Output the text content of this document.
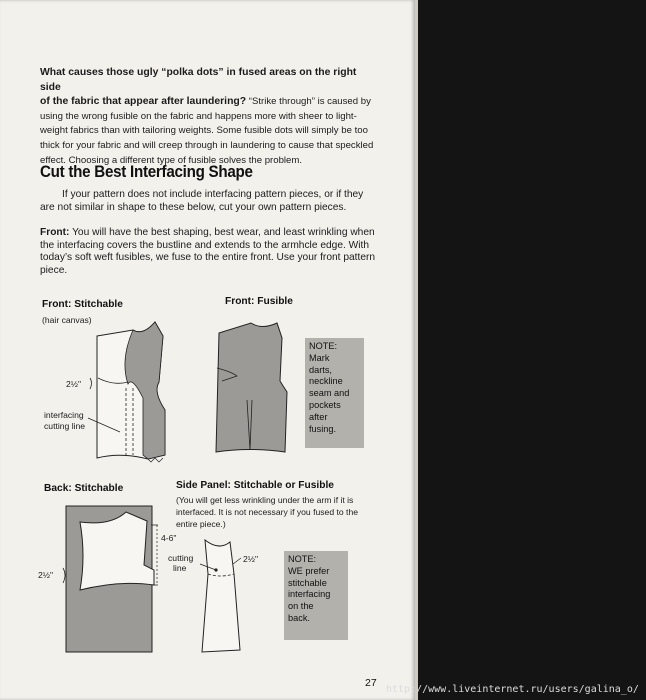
What causes those ugly “polka dots” in fused areas on the right side
of the fabric that appear after laundering? “Strike through” is caused by using the wrong fusible on the fabric and happens more with sheer to light-weight fabrics than with tailoring weights. Some fusible dots will simply be too thick for your fabric and will creep through in laundering to cause that speckled effect. Choosing a different type of fusible solves the problem.
Cut the Best Interfacing Shape
If your pattern does not include interfacing pattern pieces, or if they are not similar in shape to these below, cut your own pattern pieces.
Front: You will have the best shaping, best wear, and least wrinkling when the interfacing covers the bustline and extends to the armhcle edge. With today’s soft weft fusibles, we fuse to the entire front. Use your front pattern piece.
Front: Stitchable
(hair canvas)
2½"
interfacing
cutting line
Front: Fusible
NOTE:
Mark
darts,
neckline
seam and
pockets
after
fusing.
Back: Stitchable
2½"
4-6"
cutting
line
Side Panel: Stitchable or Fusible
(You will get less wrinkling under the arm if it is
interfaced. It is not necessary if you fused to the
entire piece.)
2½"	NOTE:
WE prefer
stitchable
interfacing
on the
back.
27
http://www.liveinternet.ru/users/galina_o/
